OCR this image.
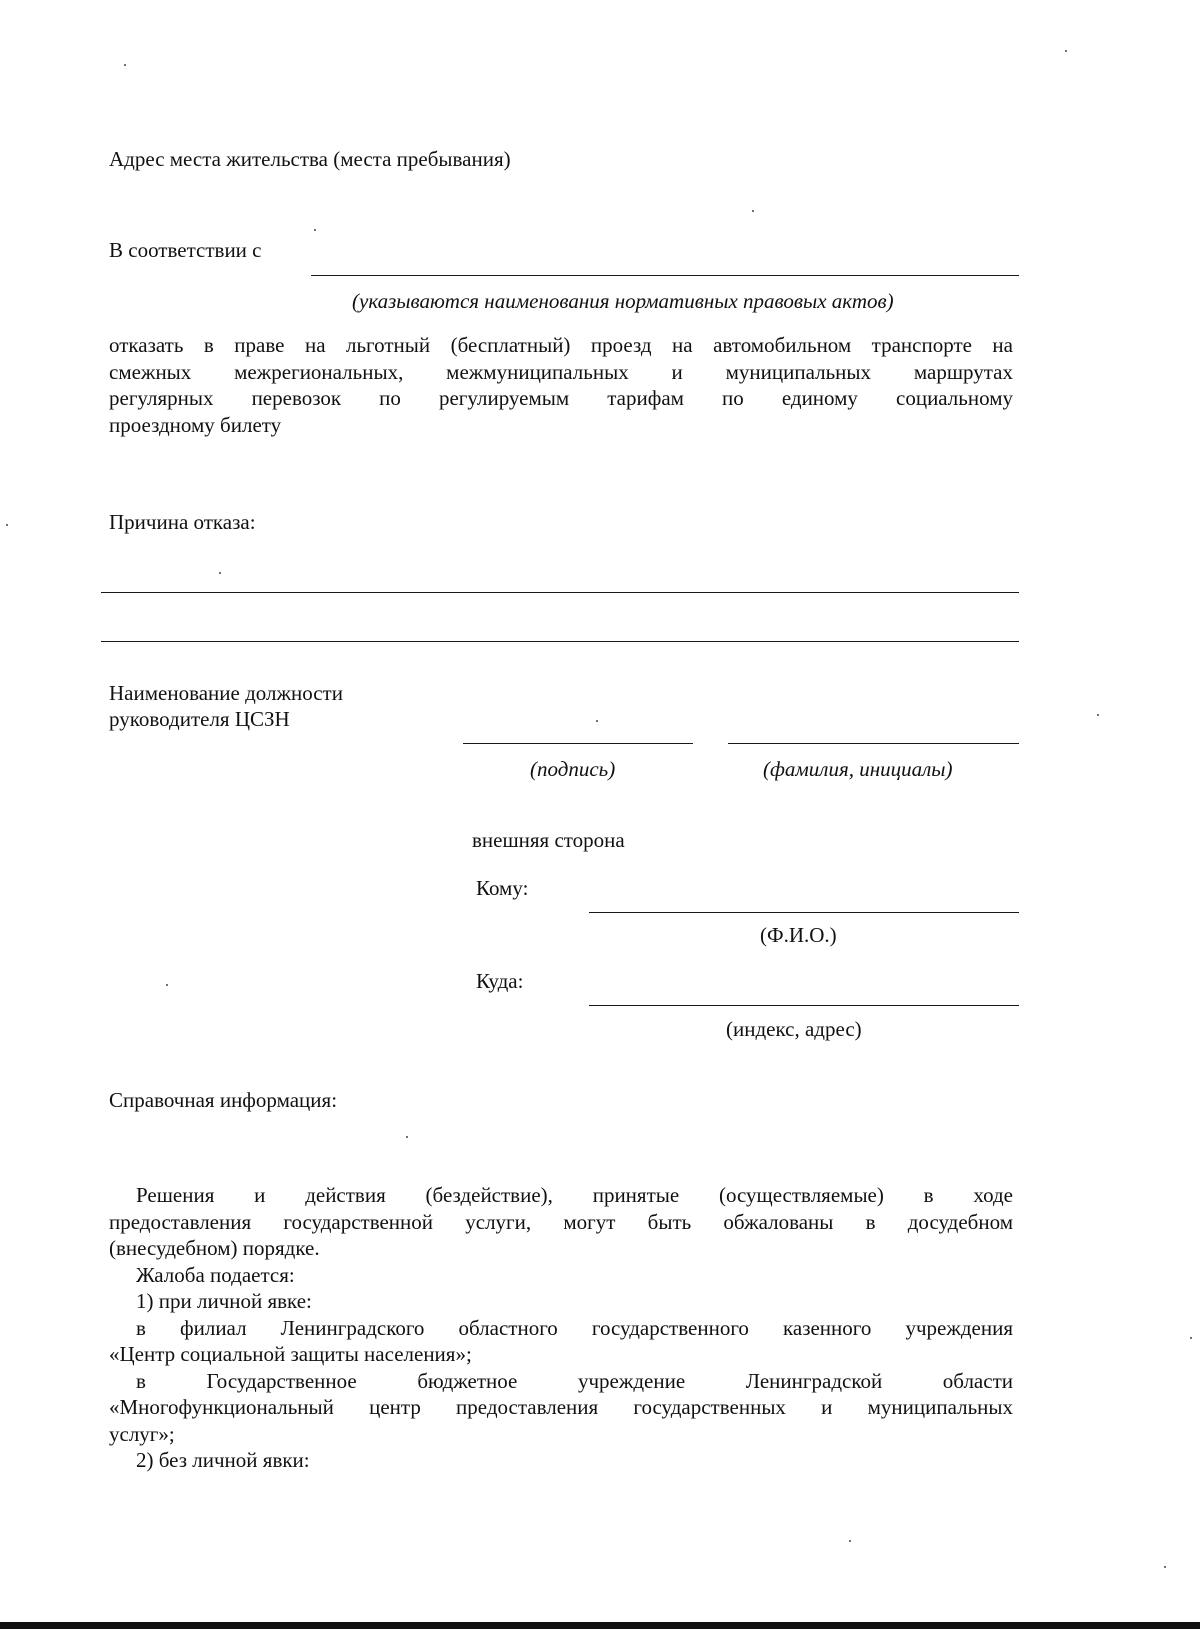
Адрес места жительства (места пребывания)
В соответствии с
(указываются наименования нормативных правовых актов)
отказать в праве на льготный (бесплатный) проезд на автомобильном транспорте на
смежных межрегиональных, межмуниципальных и муниципальных маршрутах
регулярных перевозок по регулируемым тарифам по единому социальному
проездному билету
Причина отказа:
Наименование должности
руководителя ЦСЗН
(подпись)	(фамилия, инициалы)
внешняя сторона
Кому:
(Ф.И.О.)
Куда:
(индекс, адрес)
Справочная информация:
Решения и действия (бездействие), принятые (осуществляемые) в ходе
предоставления государственной услуги, могут быть обжалованы в досудебном
(внесудебном) порядке.
Жалоба подается:
1) при личной явке:
в филиал Ленинградского областного государственного казенного учреждения
«Центр социальной защиты населения»;
в Государственное бюджетное учреждение Ленинградской области
«Многофункциональный центр предоставления государственных и муниципальных
услуг»;
2) без личной явки:
